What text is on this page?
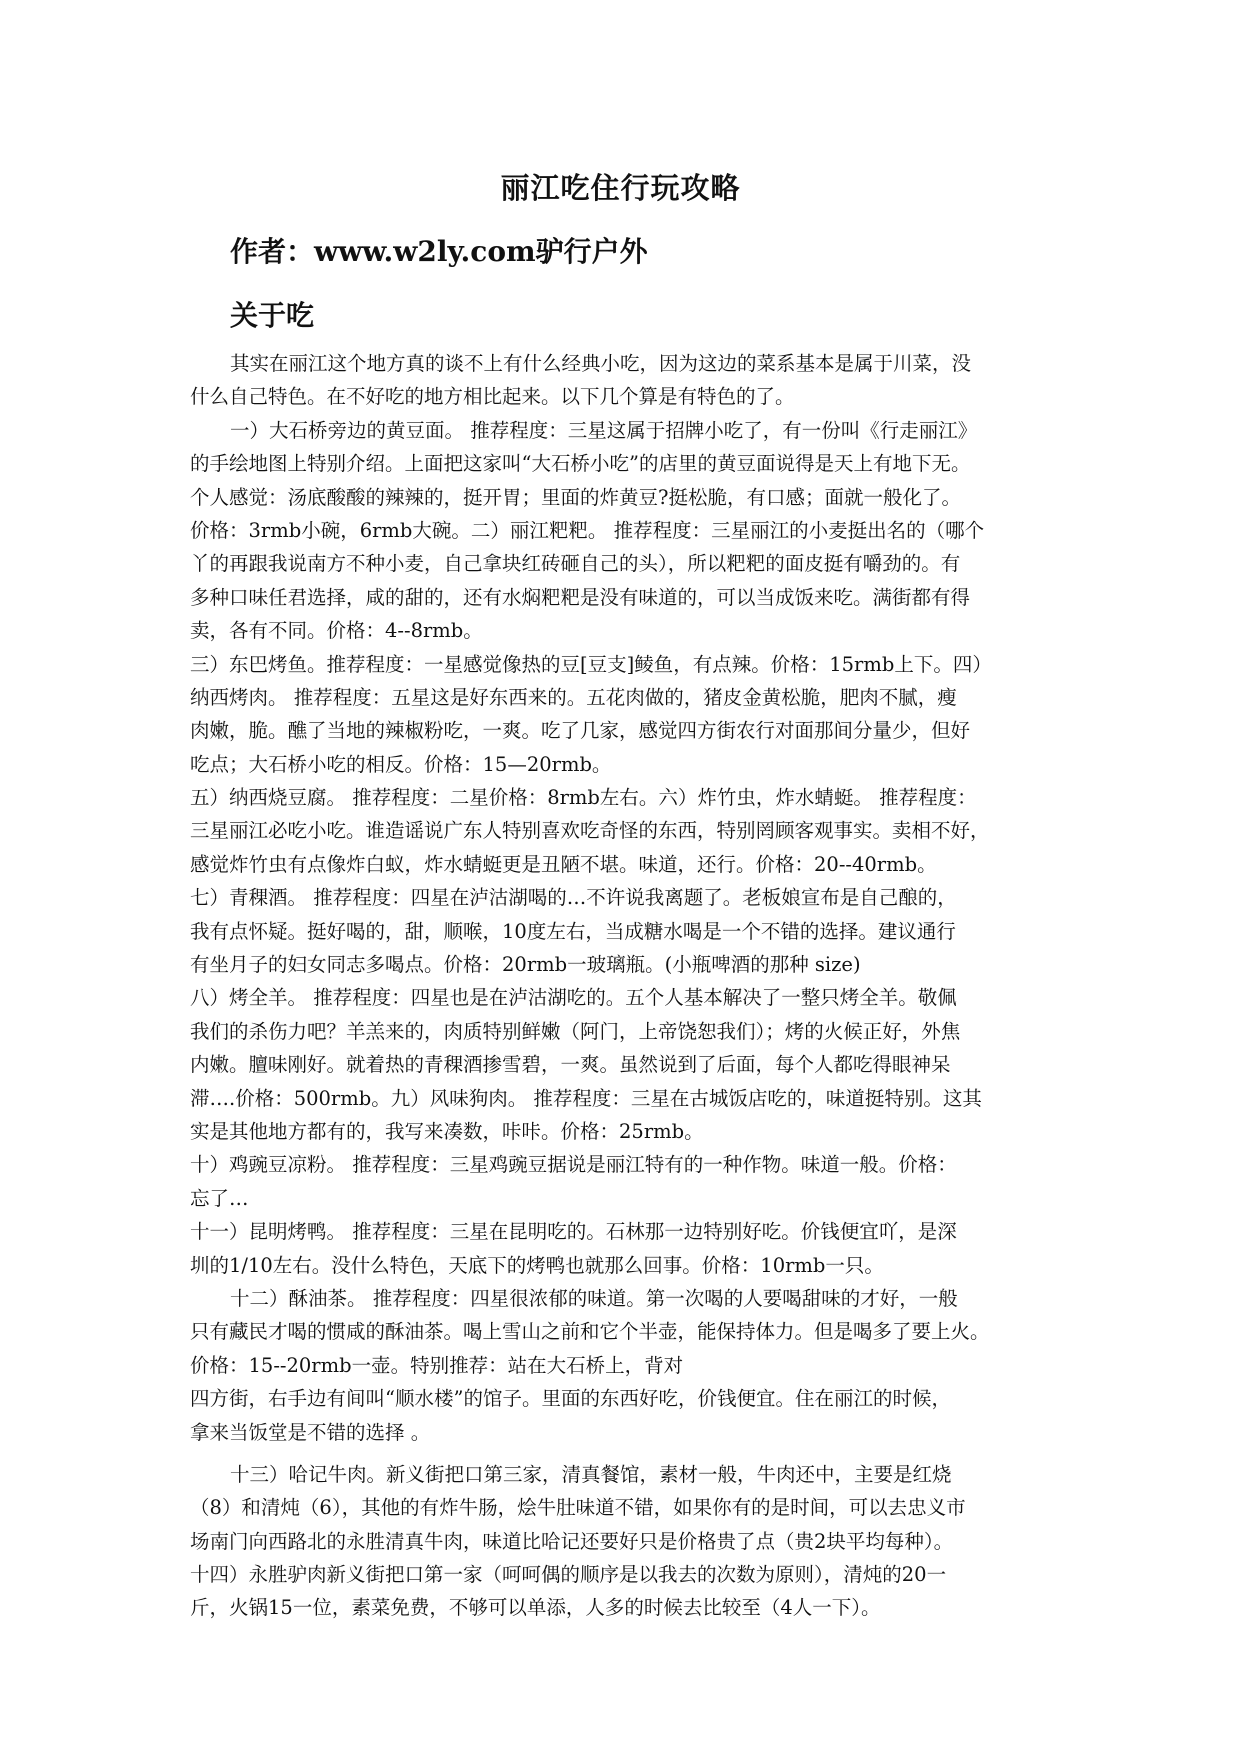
丽江吃住行玩攻略
作者：www.w2ly.com驴行户外
关于吃
其实在丽江这个地方真的谈不上有什么经典小吃，因为这边的菜系基本是属于川菜，没
什么自己特色。在不好吃的地方相比起来。以下几个算是有特色的了。
一）大石桥旁边的黄豆面。 推荐程度：三星这属于招牌小吃了，有一份叫《行走丽江》
的手绘地图上特别介绍。上面把这家叫“大石桥小吃”的店里的黄豆面说得是天上有地下无。
个人感觉：汤底酸酸的辣辣的，挺开胃；里面的炸黄豆?挺松脆，有口感；面就一般化了。
价格：3rmb小碗，6rmb大碗。二）丽江粑粑。 推荐程度：三星丽江的小麦挺出名的（哪个
丫的再跟我说南方不种小麦，自己拿块红砖砸自己的头），所以粑粑的面皮挺有嚼劲的。有
多种口味任君选择，咸的甜的，还有水焖粑粑是没有味道的，可以当成饭来吃。满街都有得
卖，各有不同。价格：4--8rmb。
三）东巴烤鱼。推荐程度：一星感觉像热的豆[豆支]鲮鱼，有点辣。价格：15rmb上下。四）
纳西烤肉。 推荐程度：五星这是好东西来的。五花肉做的，猪皮金黄松脆，肥肉不腻，瘦
肉嫩，脆。醮了当地的辣椒粉吃，一爽。吃了几家，感觉四方街农行对面那间分量少，但好
吃点；大石桥小吃的相反。价格：15—20rmb。
五）纳西烧豆腐。 推荐程度：二星价格：8rmb左右。六）炸竹虫，炸水蜻蜓。 推荐程度：
三星丽江必吃小吃。谁造谣说广东人特别喜欢吃奇怪的东西，特别罔顾客观事实。卖相不好，
感觉炸竹虫有点像炸白蚁，炸水蜻蜓更是丑陋不堪。味道，还行。价格：20--40rmb。
七）青稞酒。 推荐程度：四星在泸沽湖喝的…不许说我离题了。老板娘宣布是自己酿的，
我有点怀疑。挺好喝的，甜，顺喉，10度左右，当成糖水喝是一个不错的选择。建议通行
有坐月子的妇女同志多喝点。价格：20rmb一玻璃瓶。(小瓶啤酒的那种 size)
八）烤全羊。 推荐程度：四星也是在泸沽湖吃的。五个人基本解决了一整只烤全羊。敬佩
我们的杀伤力吧？羊羔来的，肉质特别鲜嫩（阿门，上帝饶恕我们）；烤的火候正好，外焦
内嫩。膻味刚好。就着热的青稞酒掺雪碧，一爽。虽然说到了后面，每个人都吃得眼神呆
滞….价格：500rmb。九）风味狗肉。 推荐程度：三星在古城饭店吃的，味道挺特别。这其
实是其他地方都有的，我写来凑数，咔咔。价格：25rmb。
十）鸡豌豆凉粉。 推荐程度：三星鸡豌豆据说是丽江特有的一种作物。味道一般。价格：
忘了…
十一）昆明烤鸭。 推荐程度：三星在昆明吃的。石林那一边特别好吃。价钱便宜吖，是深
圳的1/10左右。没什么特色，天底下的烤鸭也就那么回事。价格：10rmb一只。
十二）酥油茶。 推荐程度：四星很浓郁的味道。第一次喝的人要喝甜味的才好，一般
只有藏民才喝的惯咸的酥油茶。喝上雪山之前和它个半壶，能保持体力。但是喝多了要上火。
价格：15--20rmb一壶。特别推荐：站在大石桥上，背对
四方街，右手边有间叫“顺水楼”的馆子。里面的东西好吃，价钱便宜。住在丽江的时候，
拿来当饭堂是不错的选择 。
十三）哈记牛肉。新义街把口第三家，清真餐馆，素材一般，牛肉还中，主要是红烧
（8）和清炖（6），其他的有炸牛肠，烩牛肚味道不错，如果你有的是时间，可以去忠义市
场南门向西路北的永胜清真牛肉，味道比哈记还要好只是价格贵了点（贵2块平均每种）。
十四）永胜驴肉新义街把口第一家（呵呵偶的顺序是以我去的次数为原则），清炖的20一
斤，火锅15一位，素菜免费，不够可以单添，人多的时候去比较至（4人一下）。
